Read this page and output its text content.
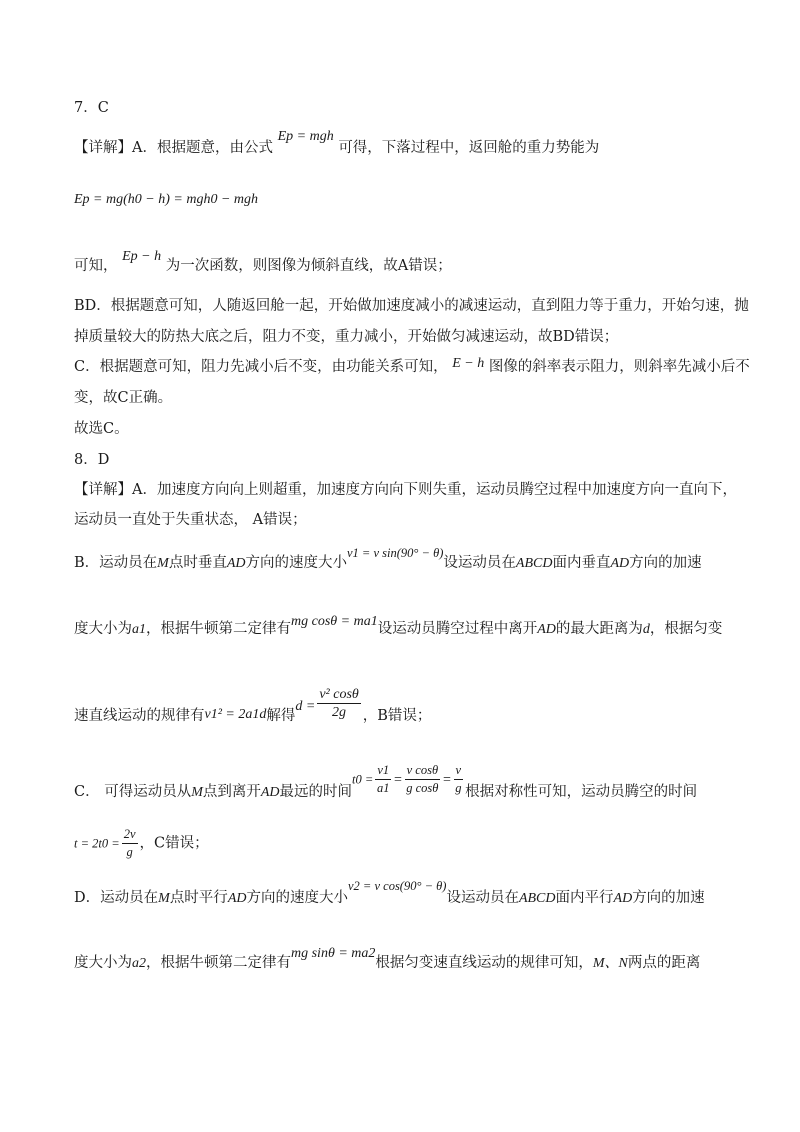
7．C
【详解】A．根据题意，由公式 Ep = mgh 可得，下落过程中，返回舱的重力势能为
Ep = mg(h0 − h) = mgh0 − mgh
可知， Ep − h 为一次函数，则图像为倾斜直线，故A错误；
BD．根据题意可知，人随返回舱一起，开始做加速度减小的减速运动，直到阻力等于重力，开始匀速，抛
掉质量较大的防热大底之后，阻力不变，重力减小，开始做匀减速运动，故BD错误；
C．根据题意可知，阻力先减小后不变，由功能关系可知， E − h 图像的斜率表示阻力，则斜率先减小后不
变，故C正确。
故选C。
8．D
【详解】A．加速度方向向上则超重，加速度方向向下则失重，运动员腾空过程中加速度方向一直向下，
运动员一直处于失重状态， A错误；
B．运动员在M点时垂直AD方向的速度大小v1 = v sin(90° − θ)设运动员在ABCD面内垂直AD方向的加速
度大小为a1，根据牛顿第二定律有mg cosθ = ma1设运动员腾空过程中离开AD的最大距离为d，根据匀变
速直线运动的规律有v1² = 2a1d解得$d = \frac{\text{v² cosθ}}{2g}$ ，B错误；
C． 可得运动员从M点到离开AD最远的时间$t0 = \frac{v1}{a1} = \frac{\text{v cosθ}}{\text{g cosθ}} = \frac{v}{g}$ 根据对称性可知，运动员腾空的时间
$t = 2t0 = \frac{2v}{g}$ ，C错误；
D．运动员在M点时平行AD方向的速度大小v2 = v cos(90° − θ)设运动员在ABCD面内平行AD方向的加速
度大小为a2，根据牛顿第二定律有mg sinθ = ma2根据匀变速直线运动的规律可知，M、N两点的距离
